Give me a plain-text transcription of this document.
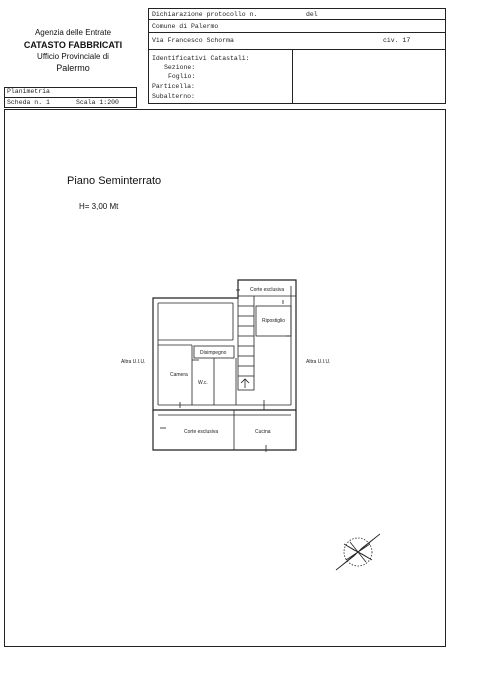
Agenzia delle Entrate
CATASTO FABBRICATI
Ufficio Provinciale di
Palermo
Dichiarazione protocollo n.	del
Comune di Palermo
Via Francesco Schorma	civ. 17
Identificativi Catastali:
Sezione:
Foglio:
Particella:
Subalterno:
Planimetria
Scheda n. 1	Scala 1:200
Piano Seminterrato
H= 3,00 Mt
Corte esclusiva
Ripostiglio
Disimpegno
Altra U.I.U.	Altra U.I.U.
Camera
W.c.
Corte esclusiva	Cucina
